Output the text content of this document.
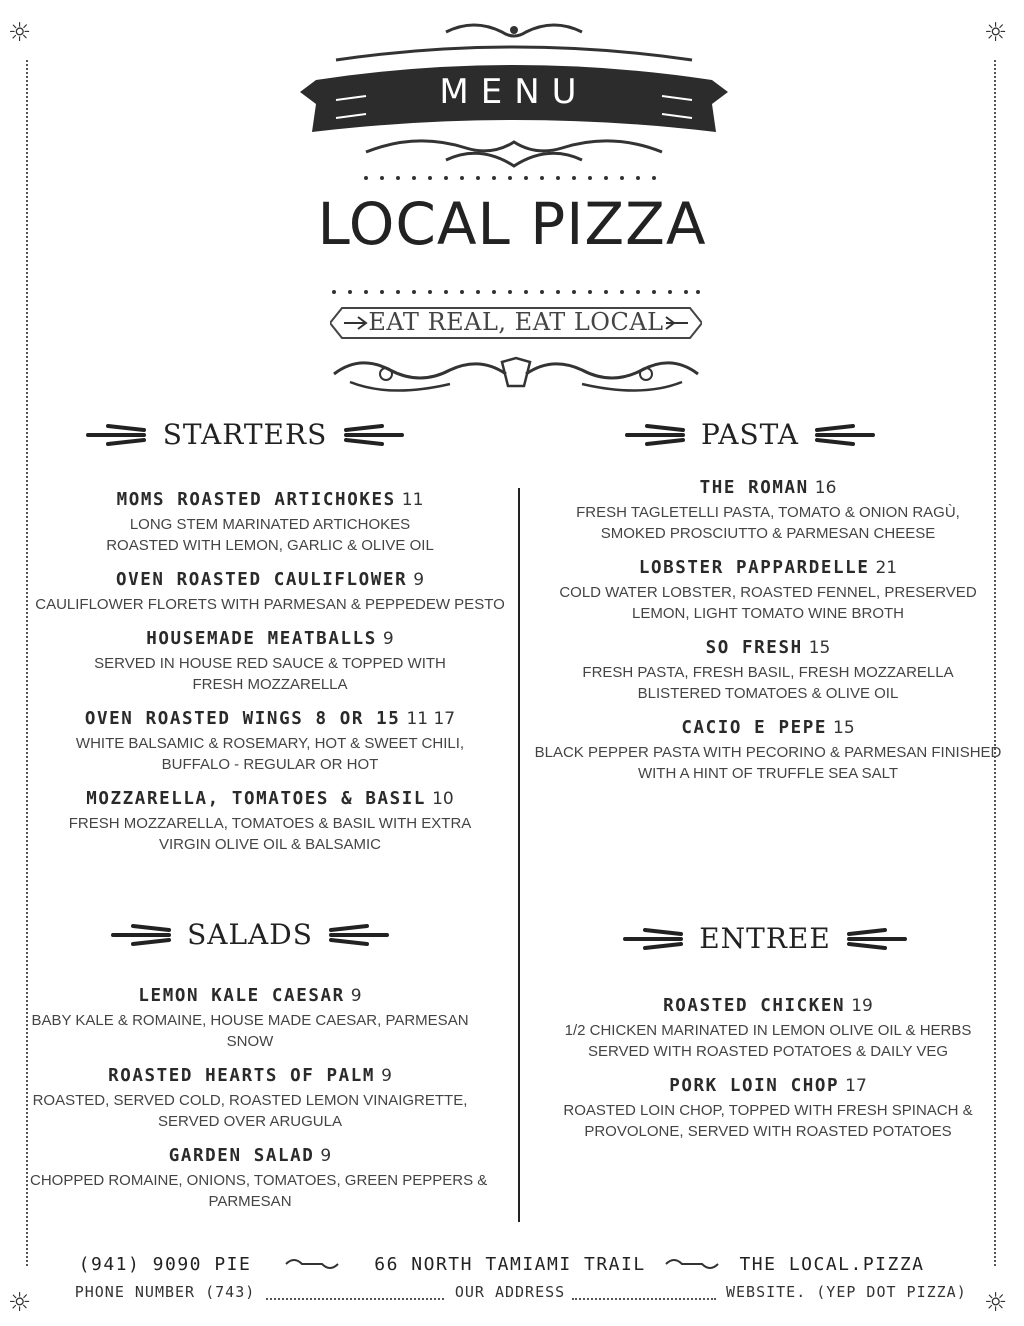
☼	☼
☼	☼
MENU
LOCAL PIZZA
EAT REAL, EAT LOCAL
STARTERS	PASTA
SALADS	ENTREE
MOMS ROASTED ARTICHOKES 11
LONG STEM MARINATED ARTICHOKES
ROASTED WITH LEMON, GARLIC & OLIVE OIL
OVEN ROASTED CAULIFLOWER 9
CAULIFLOWER FLORETS WITH PARMESAN & PEPPEDEW PESTO
HOUSEMADE MEATBALLS 9
SERVED IN HOUSE RED SAUCE & TOPPED WITH
FRESH MOZZARELLA
OVEN ROASTED WINGS 8 OR 15 11 17
WHITE BALSAMIC & ROSEMARY, HOT & SWEET CHILI,
BUFFALO - REGULAR OR HOT
MOZZARELLA, TOMATOES & BASIL 10
FRESH MOZZARELLA, TOMATOES & BASIL WITH EXTRA
VIRGIN OLIVE OIL & BALSAMIC
THE ROMAN 16
FRESH TAGLETELLI PASTA, TOMATO & ONION RAGÙ,
SMOKED PROSCIUTTO & PARMESAN CHEESE
LOBSTER PAPPARDELLE 21
COLD WATER LOBSTER, ROASTED FENNEL, PRESERVED
LEMON, LIGHT TOMATO WINE BROTH
SO FRESH 15
FRESH PASTA, FRESH BASIL, FRESH MOZZARELLA
BLISTERED TOMATOES & OLIVE OIL
CACIO E PEPE 15
BLACK PEPPER PASTA WITH PECORINO & PARMESAN FINISHED
WITH A HINT OF TRUFFLE SEA SALT
LEMON KALE CAESAR 9
BABY KALE & ROMAINE, HOUSE MADE CAESAR, PARMESAN
SNOW
ROASTED HEARTS OF PALM 9
ROASTED, SERVED COLD, ROASTED LEMON VINAIGRETTE,
SERVED OVER ARUGULA
GARDEN SALAD 9
CHOPPED ROMAINE, ONIONS, TOMATOES, GREEN PEPPERS &
PARMESAN
ROASTED CHICKEN 19
1/2 CHICKEN MARINATED IN LEMON OLIVE OIL & HERBS
SERVED WITH ROASTED POTATOES & DAILY VEG
PORK LOIN CHOP 17
ROASTED LOIN CHOP, TOPPED WITH FRESH SPINACH &
PROVOLONE, SERVED WITH ROASTED POTATOES
(941) 9090 PIE
PHONE NUMBER (743)
66 NORTH TAMIAMI TRAIL
OUR ADDRESS
THE LOCAL.PIZZA
WEBSITE. (YEP DOT PIZZA)
